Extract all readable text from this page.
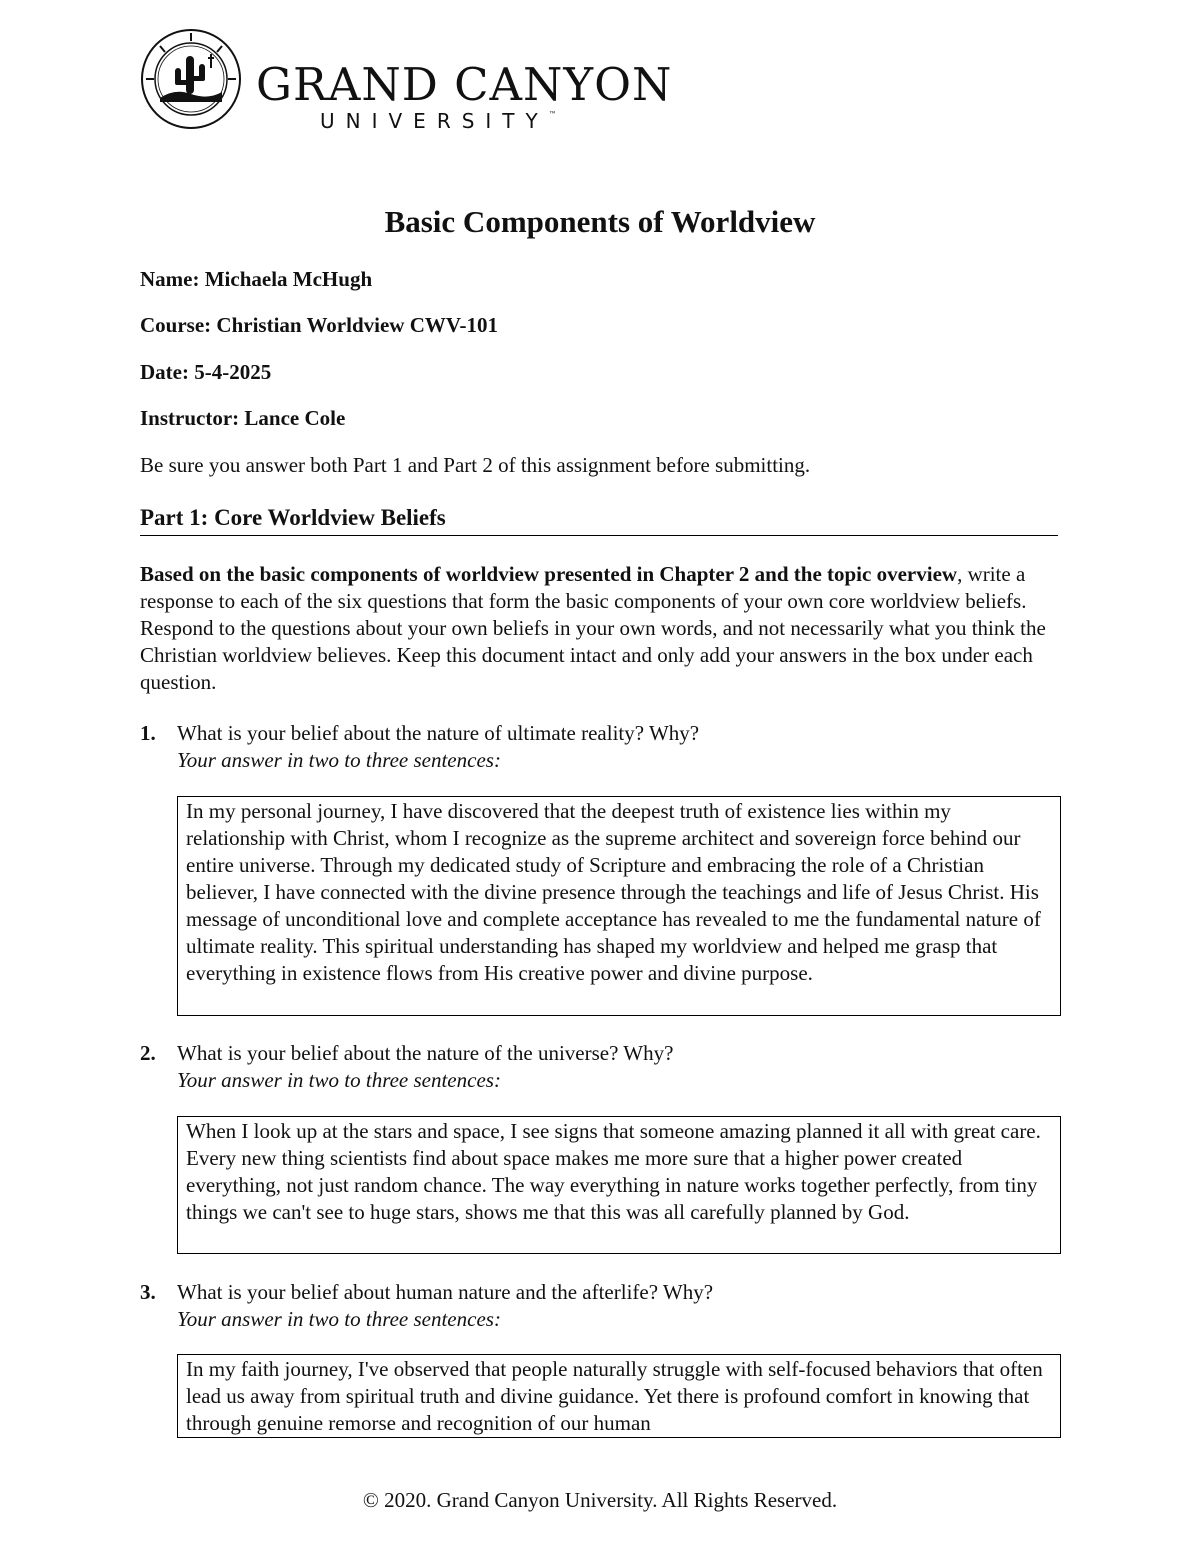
GRAND CANYON
UNIVERSITY™
Basic Components of Worldview
Name: Michaela McHugh
Course: Christian Worldview CWV-101
Date: 5-4-2025
Instructor: Lance Cole
Be sure you answer both Part 1 and Part 2 of this assignment before submitting.
Part 1: Core Worldview Beliefs
Based on the basic components of worldview presented in Chapter 2 and the topic overview, write a response to each of the six questions that form the basic components of your own core worldview beliefs. Respond to the questions about your own beliefs in your own words, and not necessarily what you think the Christian worldview believes. Keep this document intact and only add your answers in the box under each question.
1. What is your belief about the nature of ultimate reality? Why?
Your answer in two to three sentences:
In my personal journey, I have discovered that the deepest truth of existence lies within my relationship with Christ, whom I recognize as the supreme architect and sovereign force behind our entire universe. Through my dedicated study of Scripture and embracing the role of a Christian believer, I have connected with the divine presence through the teachings and life of Jesus Christ. His message of unconditional love and complete acceptance has revealed to me the fundamental nature of ultimate reality. This spiritual understanding has shaped my worldview and helped me grasp that everything in existence flows from His creative power and divine purpose.
2. What is your belief about the nature of the universe? Why?
Your answer in two to three sentences:
When I look up at the stars and space, I see signs that someone amazing planned it all with great care. Every new thing scientists find about space makes me more sure that a higher power created everything, not just random chance. The way everything in nature works together perfectly, from tiny things we can't see to huge stars, shows me that this was all carefully planned by God.
3. What is your belief about human nature and the afterlife? Why?
Your answer in two to three sentences:
In my faith journey, I've observed that people naturally struggle with self-focused behaviors that often lead us away from spiritual truth and divine guidance. Yet there is profound comfort in knowing that through genuine remorse and recognition of our human
© 2020. Grand Canyon University. All Rights Reserved.
